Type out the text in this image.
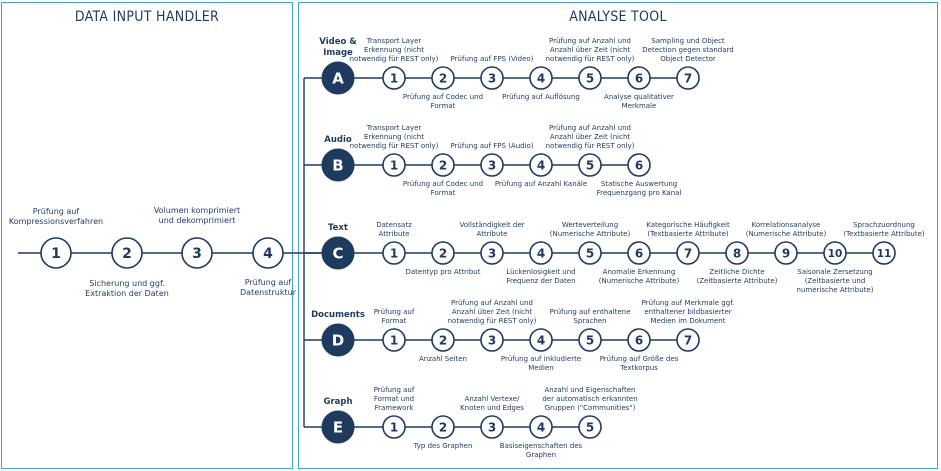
DATA INPUT HANDLER	ANALYSE TOOL
1	2	3	4
A	1	2	3	4	5	6	7
B	1	2	3	4	5	6
C	1	2	3	4	5	6	7	8	9	10	11
D	1	2	3	4	5	6	7
E	1	2	3	4	5
Prüfung auf
Kompressionsverfahren
Sicherung und ggf.
Extraktion der Daten
Volumen komprimiert
und dekomprimiert
Prüfung auf
Datenstruktur
Video &
Image
Transport Layer
Erkennung (nicht
notwendig für REST only)
Prüfung auf Codec und
Format
Prüfung auf FPS (Video)
Prüfung auf Auflösung
Prüfung auf Anzahl und
Anzahl über Zeit (nicht
notwendig für REST only)
Analyse qualitativer
Merkmale
Sampling und Object
Detection gegen standard
Object Detector
Audio
Transport Layer
Erkennung (nicht
notwendig für REST only)
Prüfung auf Codec und
Format
Prüfung auf FPS (Audio)
Prüfung auf Anzahl Kanäle
Prüfung auf Anzahl und
Anzahl über Zeit (nicht
notwendig für REST only)
Statische Auswertung
Frequenzgang pro Kanal
Text	Datensatz
Attribute
Datentyp pro Attribut
Vollständigkeit der
Attribute
Lückenlosigkeit und
Frequenz der Daten
Werteverteilung
(Numerische Attribute)
Anomalie Erkennung
(Numerische Attribute)
Kategorische Häufigkeit
(Textbasierte Attribute)
Zeitliche Dichte
(Zeitbasierte Attribute)
Korrelationsanalyse
(Numerische Attribute)
Saisonale Zersetzung
(Zeitbasierte und
numerische Attribute)
Sprachzuordnung
(Textbasierte Attribute)
Documents	Prüfung auf
Format
Anzahl Seiten
Prüfung auf Anzahl und
Anzahl über Zeit (nicht
notwendig für REST only)
Prüfung auf inkludierte
Medien
Prüfung auf enthaltene
Sprachen
Prüfung auf Größe des
Textkorpus
Prüfung auf Merkmale ggf.
enthaltener bildbasierter
Medien im Dokument
Graph
Prüfung auf
Format und
Framework
Typ des Graphen
Anzahl Vertexe/
Knoten und Edges
Basiseigenschaften des
Graphen
Anzahl und Eigenschaften
der automatisch erkannten
Gruppen ("Communities")
